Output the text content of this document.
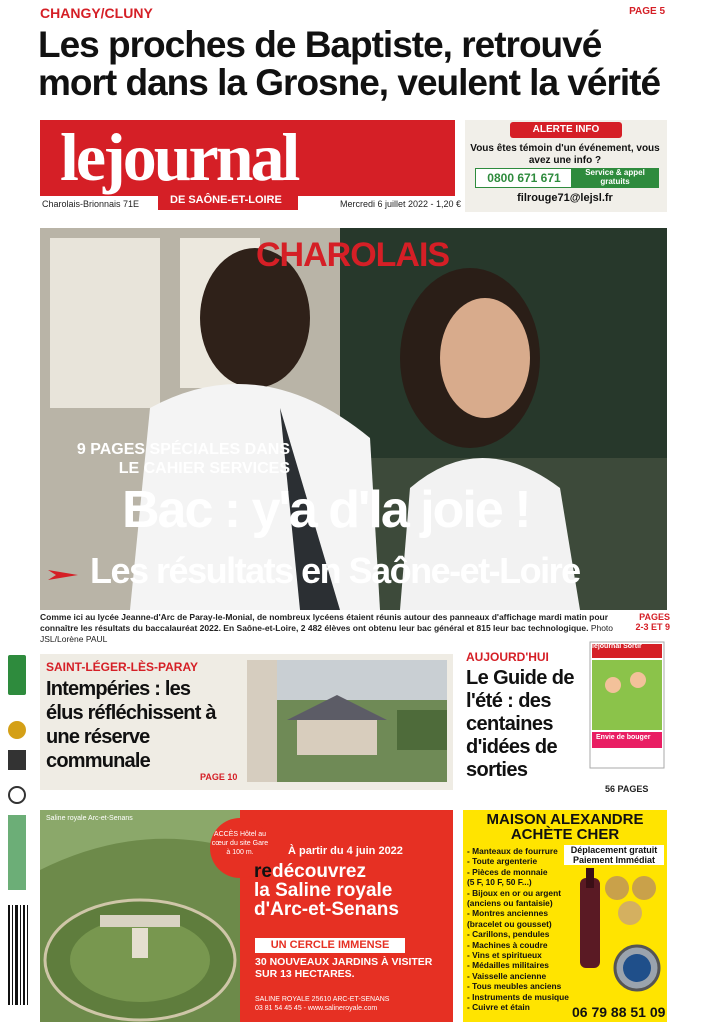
CHANGY/CLUNY	PAGE 5
Les proches de Baptiste, retrouvé mort dans la Grosne, veulent la vérité
lejournal
DE SAÔNE-ET-LOIRE
Charolais-Brionnais 71E	Mercredi 6 juillet 2022 - 1,20 €
ALERTE INFO
Vous êtes témoin d'un événement, vous avez une info ?
0800 671 671	Service & appel gratuits
filrouge71@lejsl.fr
CHAROLAIS
9 PAGES SPÉCIALES DANS LE CAHIER SERVICES
Bac : y'a d'la joie !
Les résultats en Saône-et-Loire
Comme ici au lycée Jeanne-d'Arc de Paray-le-Monial, de nombreux lycéens étaient réunis autour des panneaux d'affichage mardi matin pour connaître les résultats du baccalauréat 2022. En Saône-et-Loire, 2 482 élèves ont obtenu leur bac général et 815 leur bac technologique. Photo JSL/Lorène PAUL
PAGES 2-3 ET 9
SAINT-LÉGER-LÈS-PARAY
Intempéries : les élus réfléchissent à une réserve communale
PAGE 10
AUJOURD'HUI
Le Guide de l'été : des centaines d'idées de sorties
lejournal Sortir
Envie de bouger
56 PAGES
Saline royale Arc-et-Senans
ACCÈS Hôtel au cœur du site Gare à 100 m.	À partir du 4 juin 2022
redécouvrez
la Saline royale
d'Arc-et-Senans
UN CERCLE IMMENSE
30 NOUVEAUX JARDINS À VISITER SUR 13 HECTARES.
SALINE ROYALE 25610 ARC-ET-SENANS
03 81 54 45 45 - www.salineroyale.com
MAISON ALEXANDRE
ACHÈTE CHER
Déplacement gratuit Paiement Immédiat
- Manteaux de fourrure
- Toute argenterie
- Pièces de monnaie
(5 F, 10 F, 50 F...)
- Bijoux en or ou argent
(anciens ou fantaisie)
- Montres anciennes
(bracelet ou gousset)
- Carillons, pendules
- Machines à coudre
- Vins et spiritueux
- Médailles militaires
- Vaisselle ancienne
- Tous meubles anciens
- Instruments de musique
- Cuivre et étain	06 79 88 51 09
